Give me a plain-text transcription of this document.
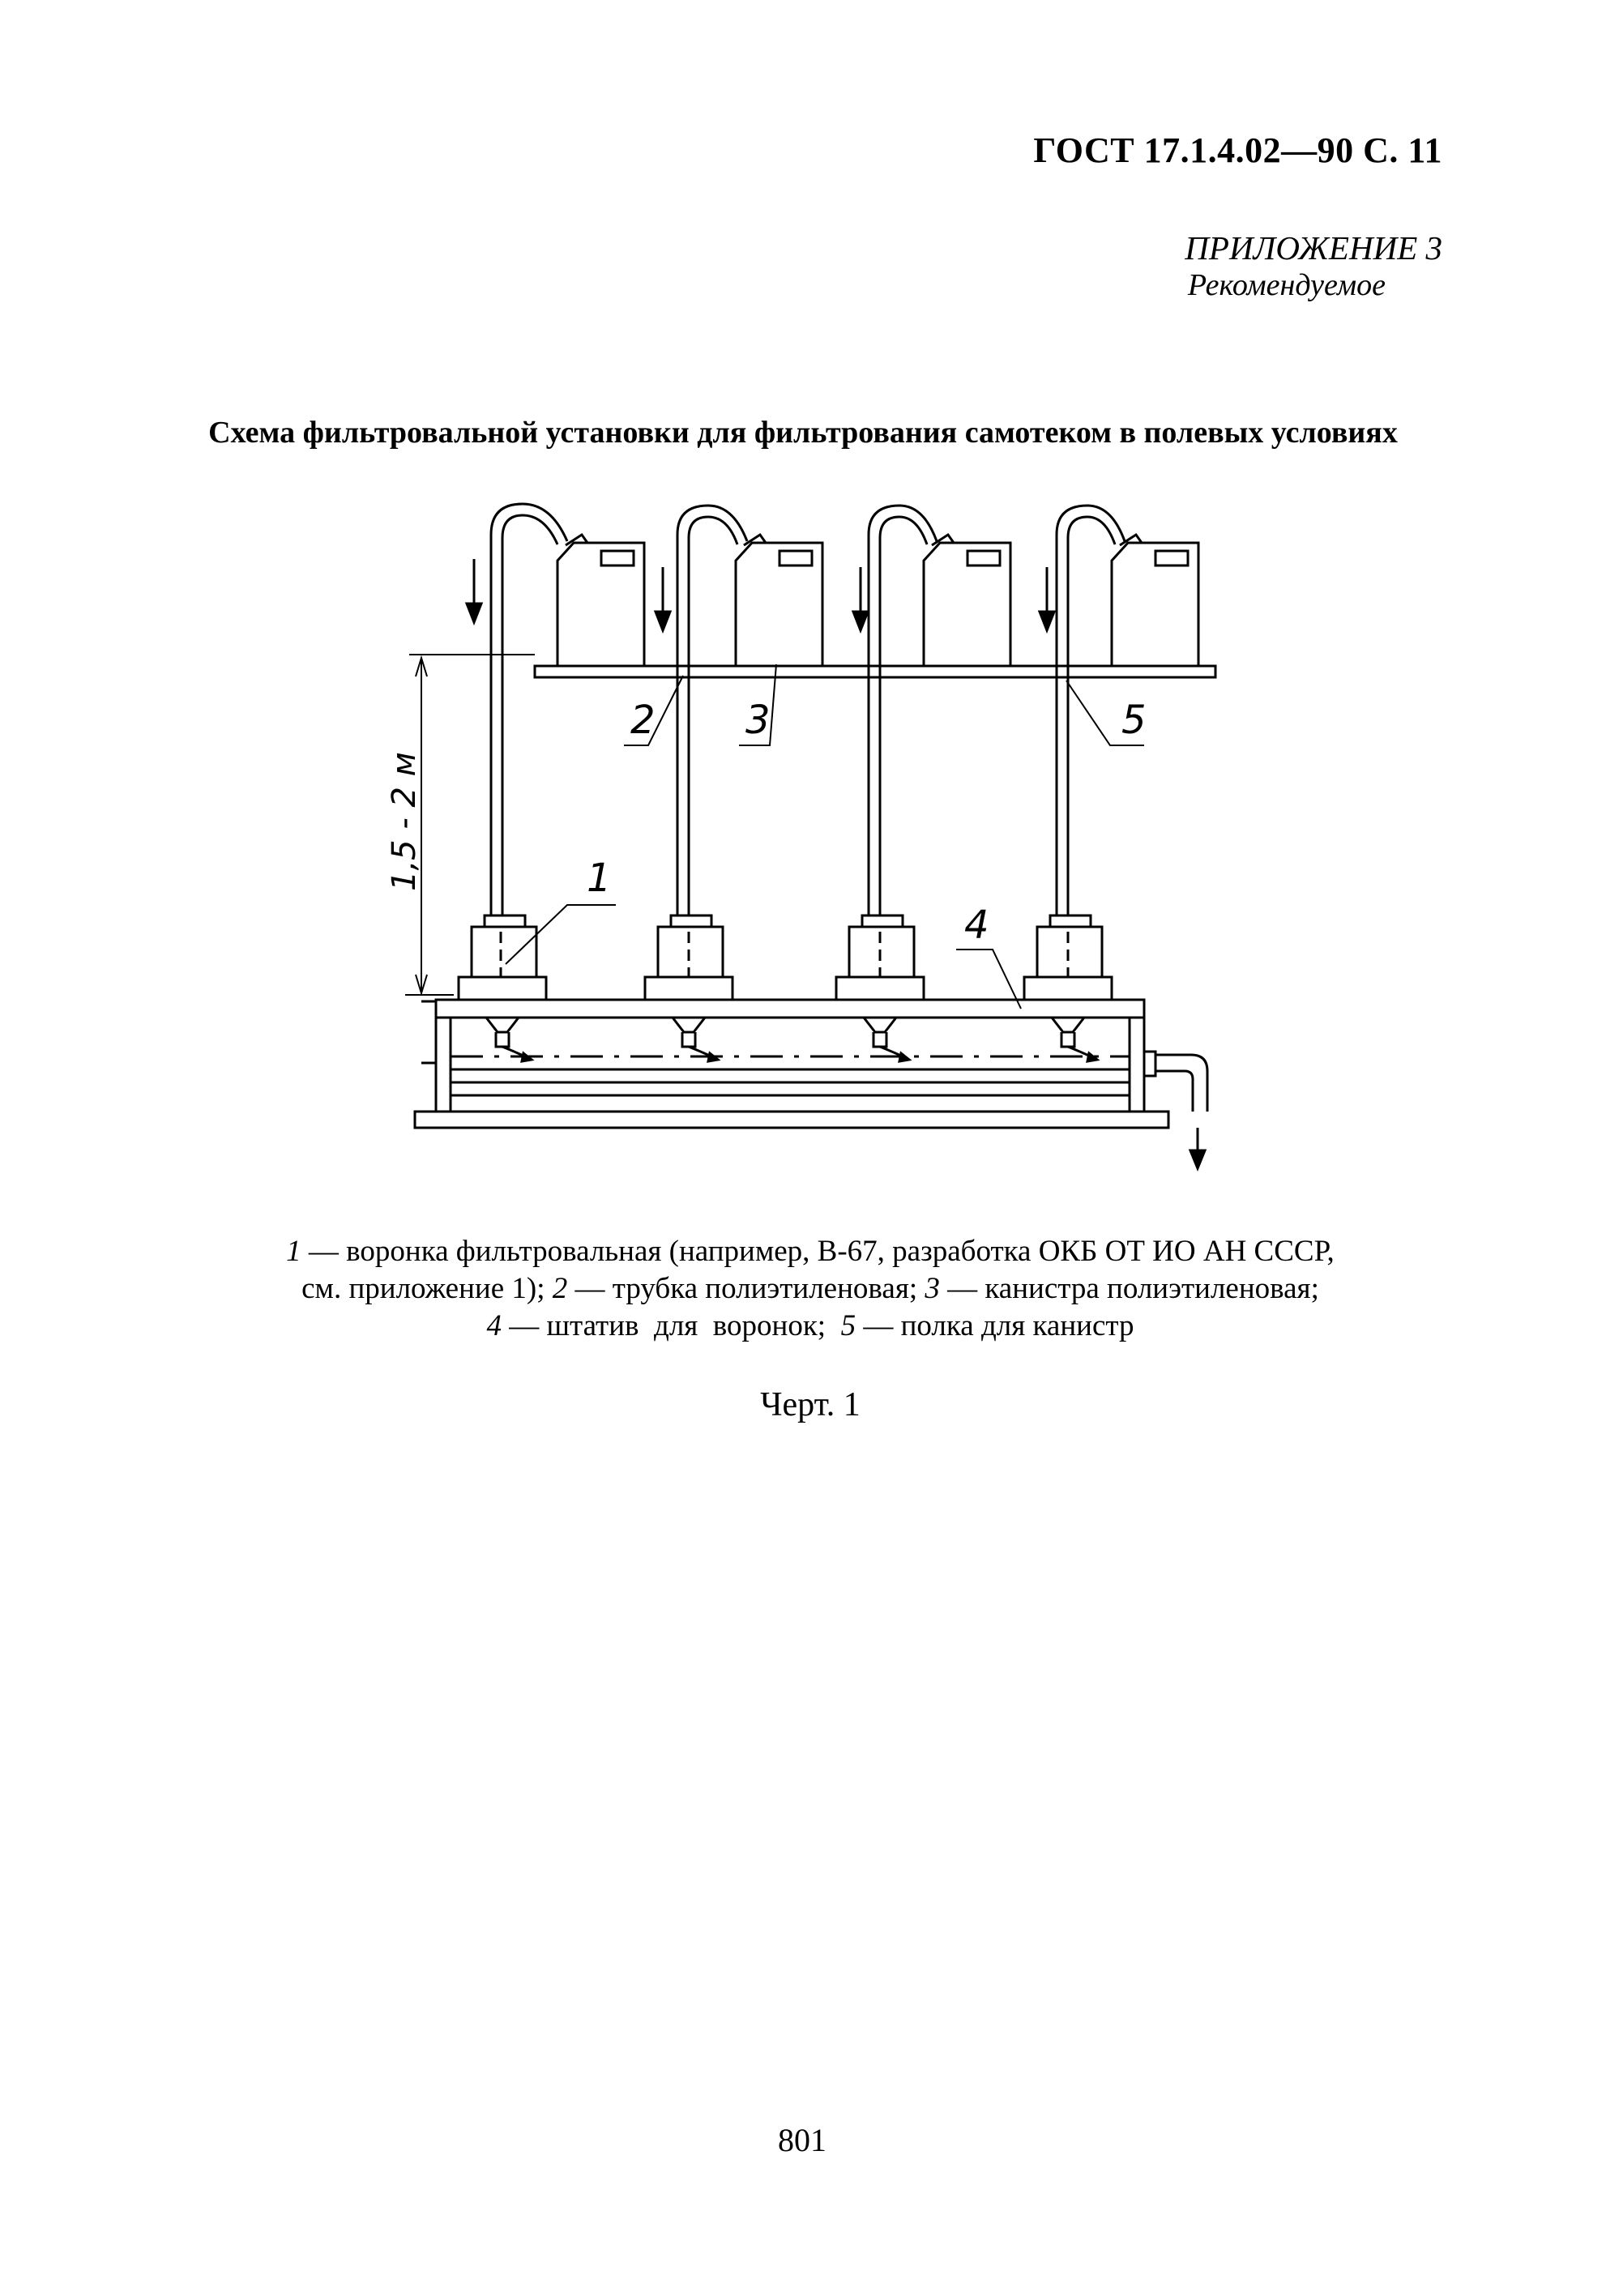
ГОСТ 17.1.4.02—90 С. 11
ПРИЛОЖЕНИЕ 3
Рекомендуемое
Схема фильтровальной установки для фильтрования самотеком в полевых условиях
1,5 - 2 м	1
2 3
4
5
1 — воронка фильтровальная (например, В-67, разработка ОКБ ОТ ИО АН СССР,
см. приложение 1); 2 — трубка полиэтиленовая; 3 — канистра полиэтиленовая;
4 — штатив  для  воронок;  5 — полка для канистр
Черт. 1
801
